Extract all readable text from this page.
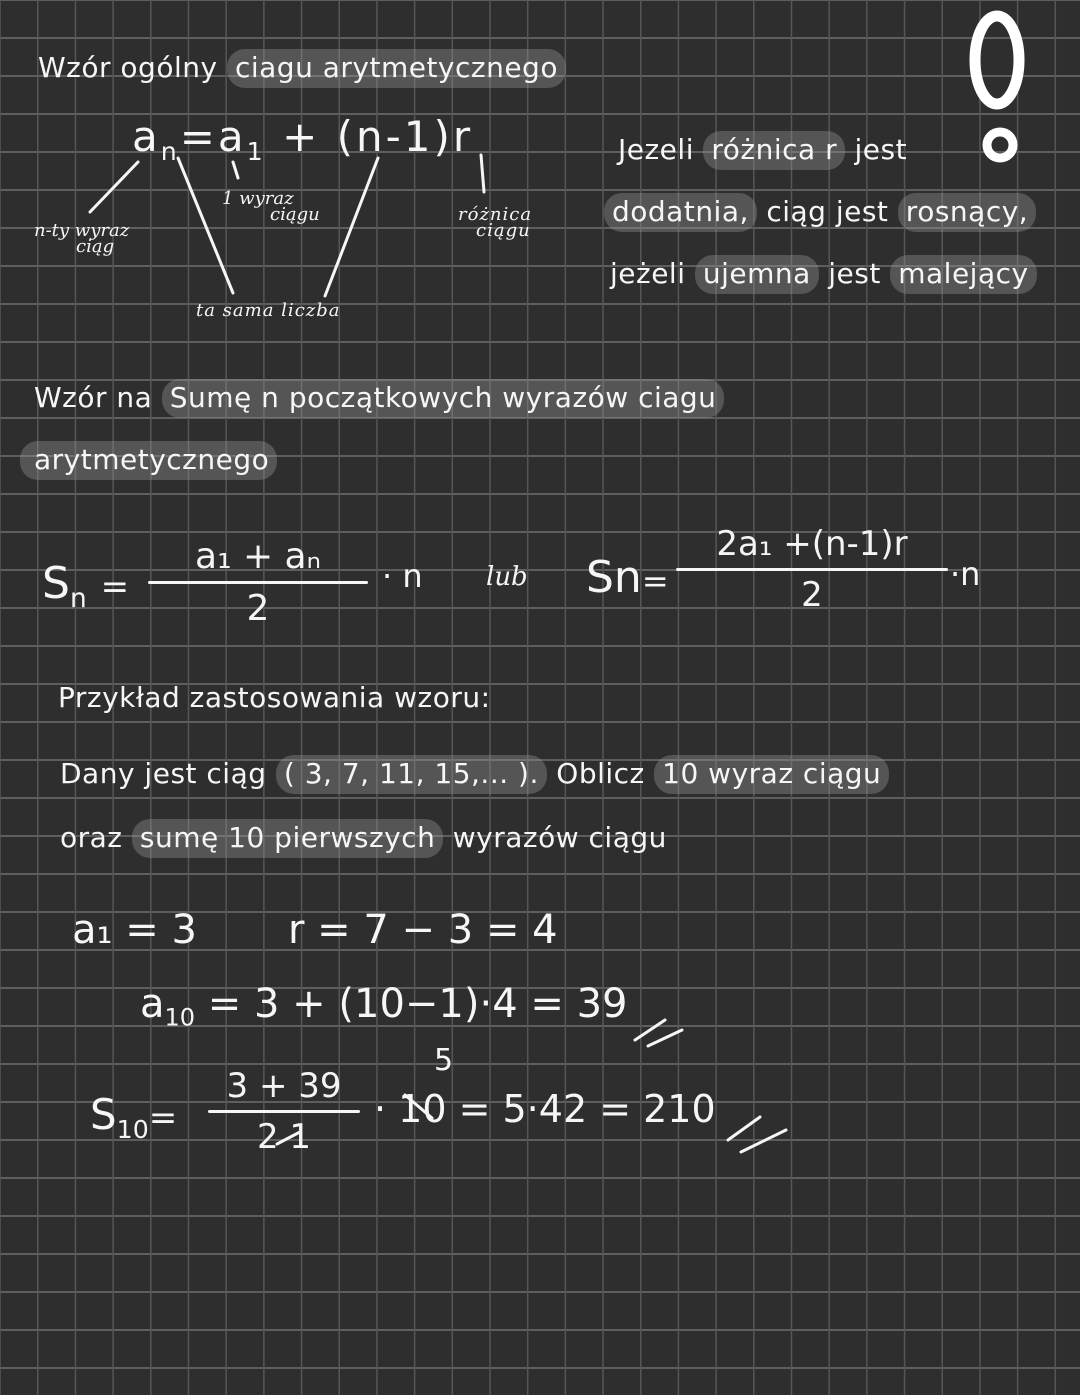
Wzór ogólny ciagu arytmetycznego
$a_n=a_1 + (n-1)r$
n-ty wyraz
ciąg
1 wyraz
ciągu	różnica
ciągu
ta sama liczba
Jezeli różnica r jest
dodatnia, ciąg jest rosnący,
jeżeli ujemna jest malejący
Wzór na Sumę n początkowych wyrazów ciagu
arytmetycznego
$S_n$ =
a₁ + aₙ
2
· n lub Sn=
2a₁ +(n-1)r
2
·n
Przykład zastosowania wzoru:
Dany jest ciąg ( 3, 7, 11, 15,... ). Oblicz 10 wyraz ciągu
oraz sumę 10 pierwszych wyrazów ciągu
a₁ = 3 r = 7 − 3 = 4
$a_{10} = 3 + (10-1)\cdot 4 = 39$
$S_{10}=$
3 + 39
2 1
5
· 10 = 5·42 = 210
